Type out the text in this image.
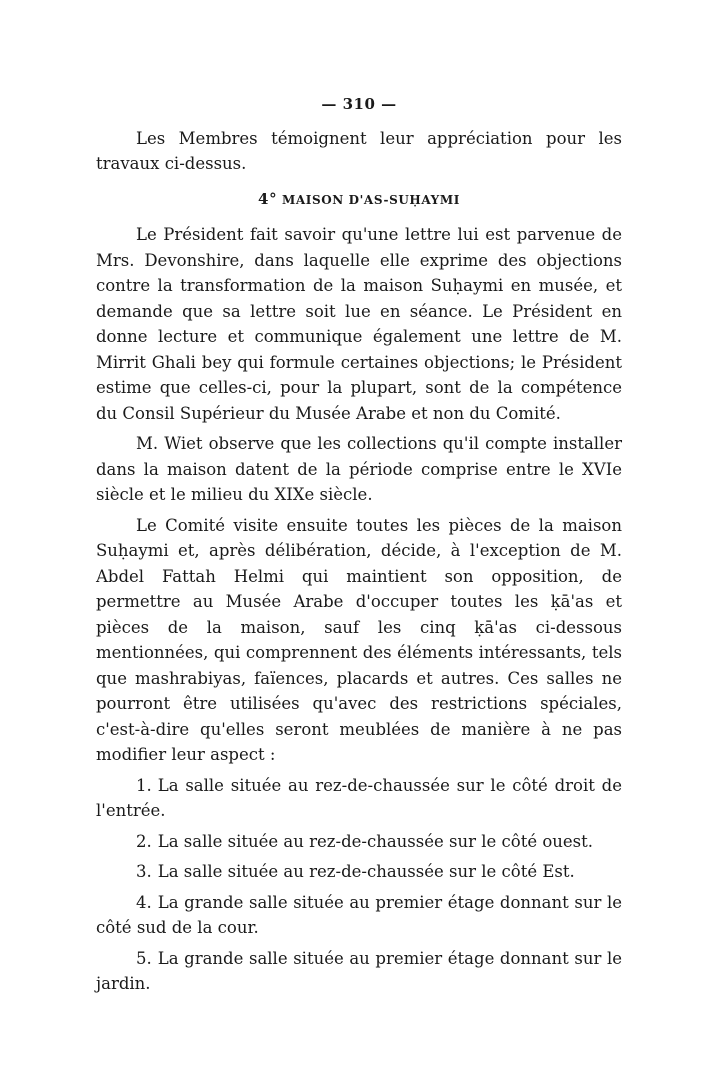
— 310 —

Les Membres témoignent leur appréciation pour les travaux ci-dessus.

4° MAISON D'AS-SUḤAYMI

Le Président fait savoir qu'une lettre lui est parvenue de Mrs. Devonshire, dans laquelle elle exprime des objections contre la transformation de la maison Suḥaymi en musée, et demande que sa lettre soit lue en séance. Le Président en donne lecture et communique également une lettre de M. Mirrit Ghali bey qui formule certaines objections; le Président estime que celles-ci, pour la plupart, sont de la compétence du Consil Supérieur du Musée Arabe et non du Comité.

M. Wiet observe que les collections qu'il compte installer dans la maison datent de la période comprise entre le XVIe siècle et le milieu du XIXe siècle.

Le Comité visite ensuite toutes les pièces de la maison Suḥaymi et, après délibération, décide, à l'exception de M. Abdel Fattah Helmi qui maintient son opposition, de permettre au Musée Arabe d'occuper toutes les ḳā'as et pièces de la maison, sauf les cinq ḳā'as ci-dessous mentionnées, qui comprennent des éléments intéressants, tels que mashrabiyas, faïences, placards et autres. Ces salles ne pourront être utilisées qu'avec des restrictions spéciales, c'est-à-dire qu'elles seront meublées de manière à ne pas modifier leur aspect :

1. La salle située au rez-de-chaussée sur le côté droit de l'entrée.
2. La salle située au rez-de-chaussée sur le côté ouest.
3. La salle située au rez-de-chaussée sur le côté Est.
4. La grande salle située au premier étage donnant sur le côté sud de la cour.
5. La grande salle située au premier étage donnant sur le jardin.
